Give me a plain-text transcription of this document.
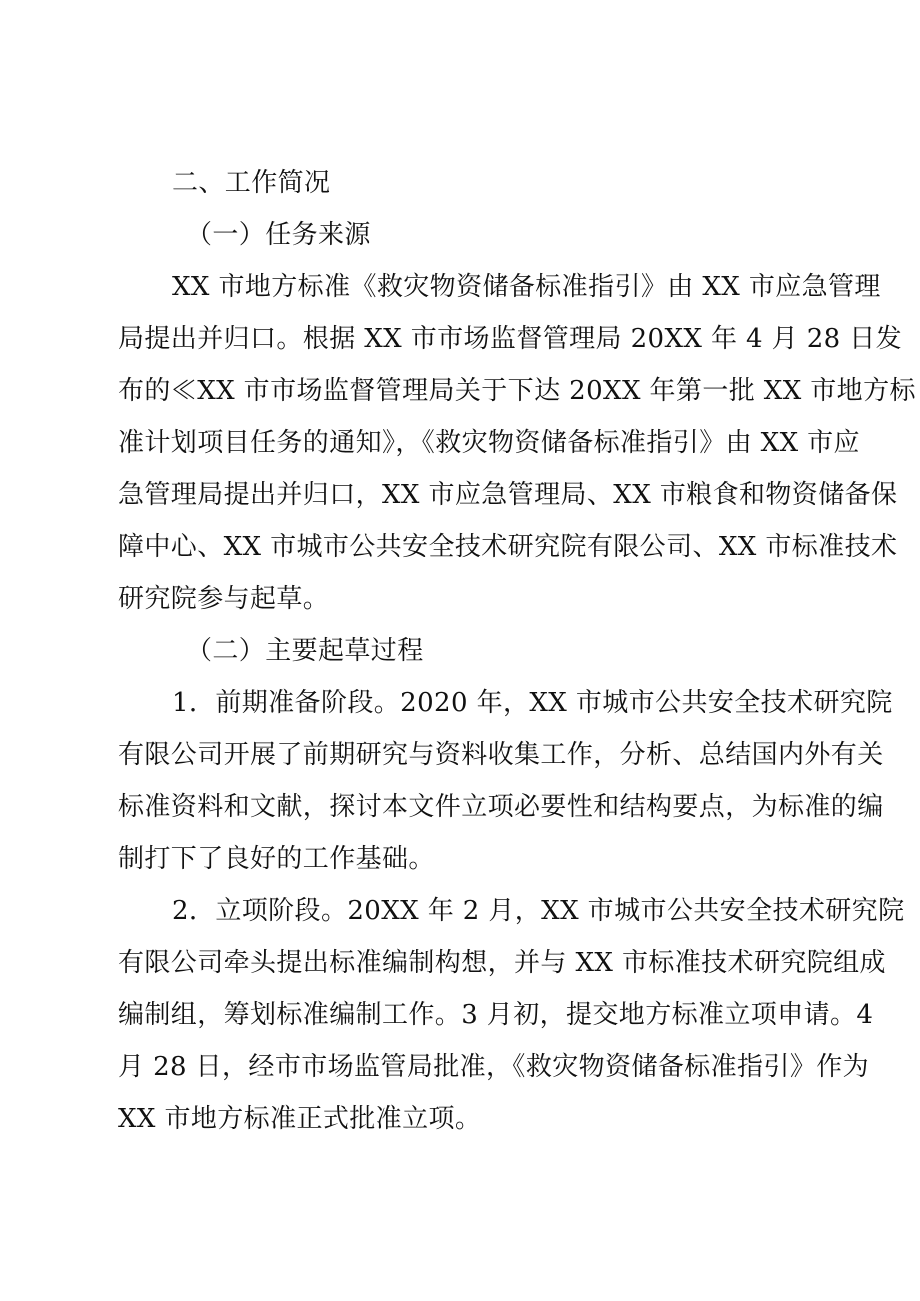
二、工作简况
（一）任务来源
XX 市地方标准《救灾物资储备标准指引》由 XX 市应急管理
局提出并归口。根据 XX 市市场监督管理局 20XX 年 4 月 28 日发
布的≪XX 市市场监督管理局关于下达 20XX 年第一批 XX 市地方标
准计划项目任务的通知》，《救灾物资储备标准指引》由 XX 市应
急管理局提出并归口，XX 市应急管理局、XX 市粮食和物资储备保
障中心、XX 市城市公共安全技术研究院有限公司、XX 市标准技术
研究院参与起草。
（二）主要起草过程
1．前期准备阶段。2020 年，XX 市城市公共安全技术研究院
有限公司开展了前期研究与资料收集工作，分析、总结国内外有关
标准资料和文献，探讨本文件立项必要性和结构要点，为标准的编
制打下了良好的工作基础。
2．立项阶段。20XX 年 2 月，XX 市城市公共安全技术研究院
有限公司牵头提出标准编制构想，并与 XX 市标准技术研究院组成
编制组，筹划标准编制工作。3 月初，提交地方标准立项申请。4
月 28 日，经市市场监管局批准，《救灾物资储备标准指引》作为
XX 市地方标准正式批准立项。
